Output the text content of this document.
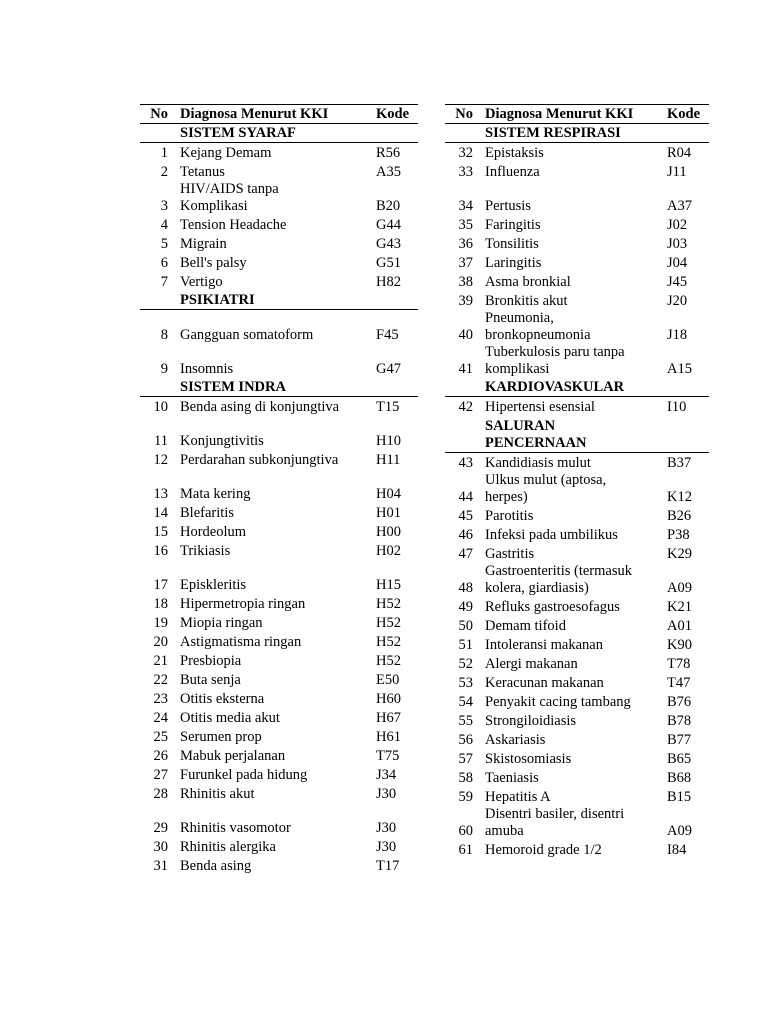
No	Diagnosa Menurut KKI	Kode
	SISTEM SYARAF	
1	Kejang Demam	R56
2	Tetanus	A35
3	HIV/AIDS tanpa
Komplikasi	B20
4	Tension Headache	G44
5	Migrain	G43
6	Bell's palsy	G51
7	Vertigo	H82
	PSIKIATRI	
8	Gangguan somatoform	F45
9	Insomnis	G47
	SISTEM INDRA	
10	Benda asing di konjungtiva	T15
11	Konjungtivitis	H10
12	Perdarahan subkonjungtiva	H11
13	Mata kering	H04
14	Blefaritis	H01
15	Hordeolum	H00
16	Trikiasis	H02
17	Episkleritis	H15
18	Hipermetropia ringan	H52
19	Miopia ringan	H52
20	Astigmatisma ringan	H52
21	Presbiopia	H52
22	Buta senja	E50
23	Otitis eksterna	H60
24	Otitis media akut	H67
25	Serumen prop	H61
26	Mabuk perjalanan	T75
27	Furunkel pada hidung	J34
28	Rhinitis akut	J30
29	Rhinitis vasomotor	J30
30	Rhinitis alergika	J30
31	Benda asing	T17
No	Diagnosa Menurut KKI	Kode
	SISTEM RESPIRASI	
32	Epistaksis	R04
33	Influenza	J11
34	Pertusis	A37
35	Faringitis	J02
36	Tonsilitis	J03
37	Laringitis	J04
38	Asma bronkial	J45
39	Bronkitis akut	J20
40	Pneumonia,
bronkopneumonia	J18
41	Tuberkulosis paru tanpa
komplikasi	A15
	KARDIOVASKULAR	
42	Hipertensi esensial	I10
	SALURAN
PENCERNAAN	
43	Kandidiasis mulut	B37
44	Ulkus mulut (aptosa,
herpes)	K12
45	Parotitis	B26
46	Infeksi pada umbilikus	P38
47	Gastritis	K29
48	Gastroenteritis (termasuk
kolera, giardiasis)	A09
49	Refluks gastroesofagus	K21
50	Demam tifoid	A01
51	Intoleransi makanan	K90
52	Alergi makanan	T78
53	Keracunan makanan	T47
54	Penyakit cacing tambang	B76
55	Strongiloidiasis	B78
56	Askariasis	B77
57	Skistosomiasis	B65
58	Taeniasis	B68
59	Hepatitis A	B15
60	Disentri basiler, disentri
amuba	A09
61	Hemoroid grade 1/2	I84
